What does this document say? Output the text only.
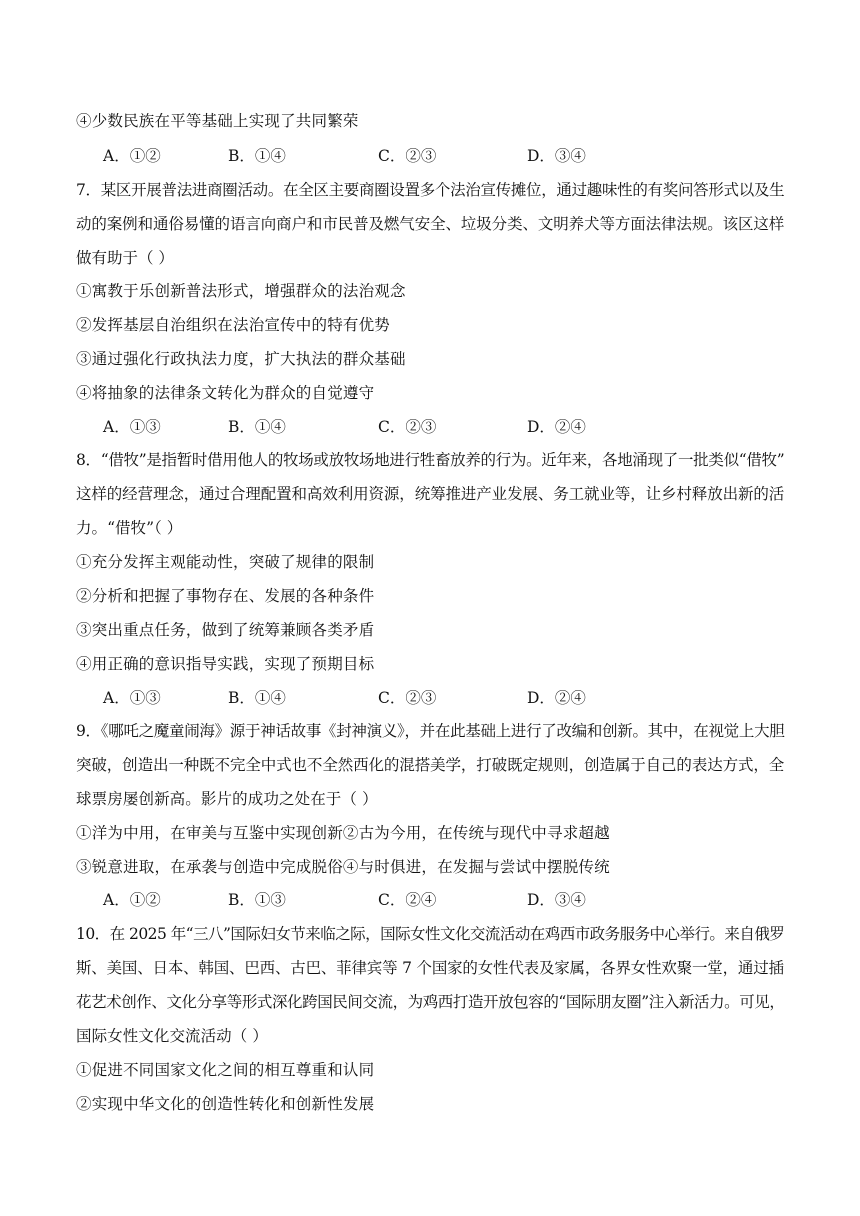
④少数民族在平等基础上实现了共同繁荣
A．①②	B．①④	C．②③	D．③④
7．某区开展普法进商圈活动。在全区主要商圈设置多个法治宣传摊位，通过趣味性的有奖问答形式以及生
动的案例和通俗易懂的语言向商户和市民普及燃气安全、垃圾分类、文明养犬等方面法律法规。该区这样
做有助于（ ）
①寓教于乐创新普法形式，增强群众的法治观念
②发挥基层自治组织在法治宣传中的特有优势
③通过强化行政执法力度，扩大执法的群众基础
④将抽象的法律条文转化为群众的自觉遵守
A．①③	B．①④	C．②③	D．②④
8．“借牧”是指暂时借用他人的牧场或放牧场地进行牲畜放养的行为。近年来，各地涌现了一批类似“借牧”
这样的经营理念，通过合理配置和高效利用资源，统筹推进产业发展、务工就业等，让乡村释放出新的活
力。“借牧”（ ）
①充分发挥主观能动性，突破了规律的限制
②分析和把握了事物存在、发展的各种条件
③突出重点任务，做到了统筹兼顾各类矛盾
④用正确的意识指导实践，实现了预期目标
A．①③	B．①④	C．②③	D．②④
9．《哪吒之魔童闹海》源于神话故事《封神演义》，并在此基础上进行了改编和创新。其中，在视觉上大胆
突破，创造出一种既不完全中式也不全然西化的混搭美学，打破既定规则，创造属于自己的表达方式，全
球票房屡创新高。影片的成功之处在于（ ）
①洋为中用，在审美与互鉴中实现创新②古为今用，在传统与现代中寻求超越
③锐意进取，在承袭与创造中完成脱俗④与时俱进，在发掘与尝试中摆脱传统
A．①②	B．①③	C．②④	D．③④
10．在 2025 年“三八”国际妇女节来临之际，国际女性文化交流活动在鸡西市政务服务中心举行。来自俄罗
斯、美国、日本、韩国、巴西、古巴、菲律宾等 7 个国家的女性代表及家属，各界女性欢聚一堂，通过插
花艺术创作、文化分享等形式深化跨国民间交流，为鸡西打造开放包容的“国际朋友圈”注入新活力。可见，
国际女性文化交流活动（ ）
①促进不同国家文化之间的相互尊重和认同
②实现中华文化的创造性转化和创新性发展
